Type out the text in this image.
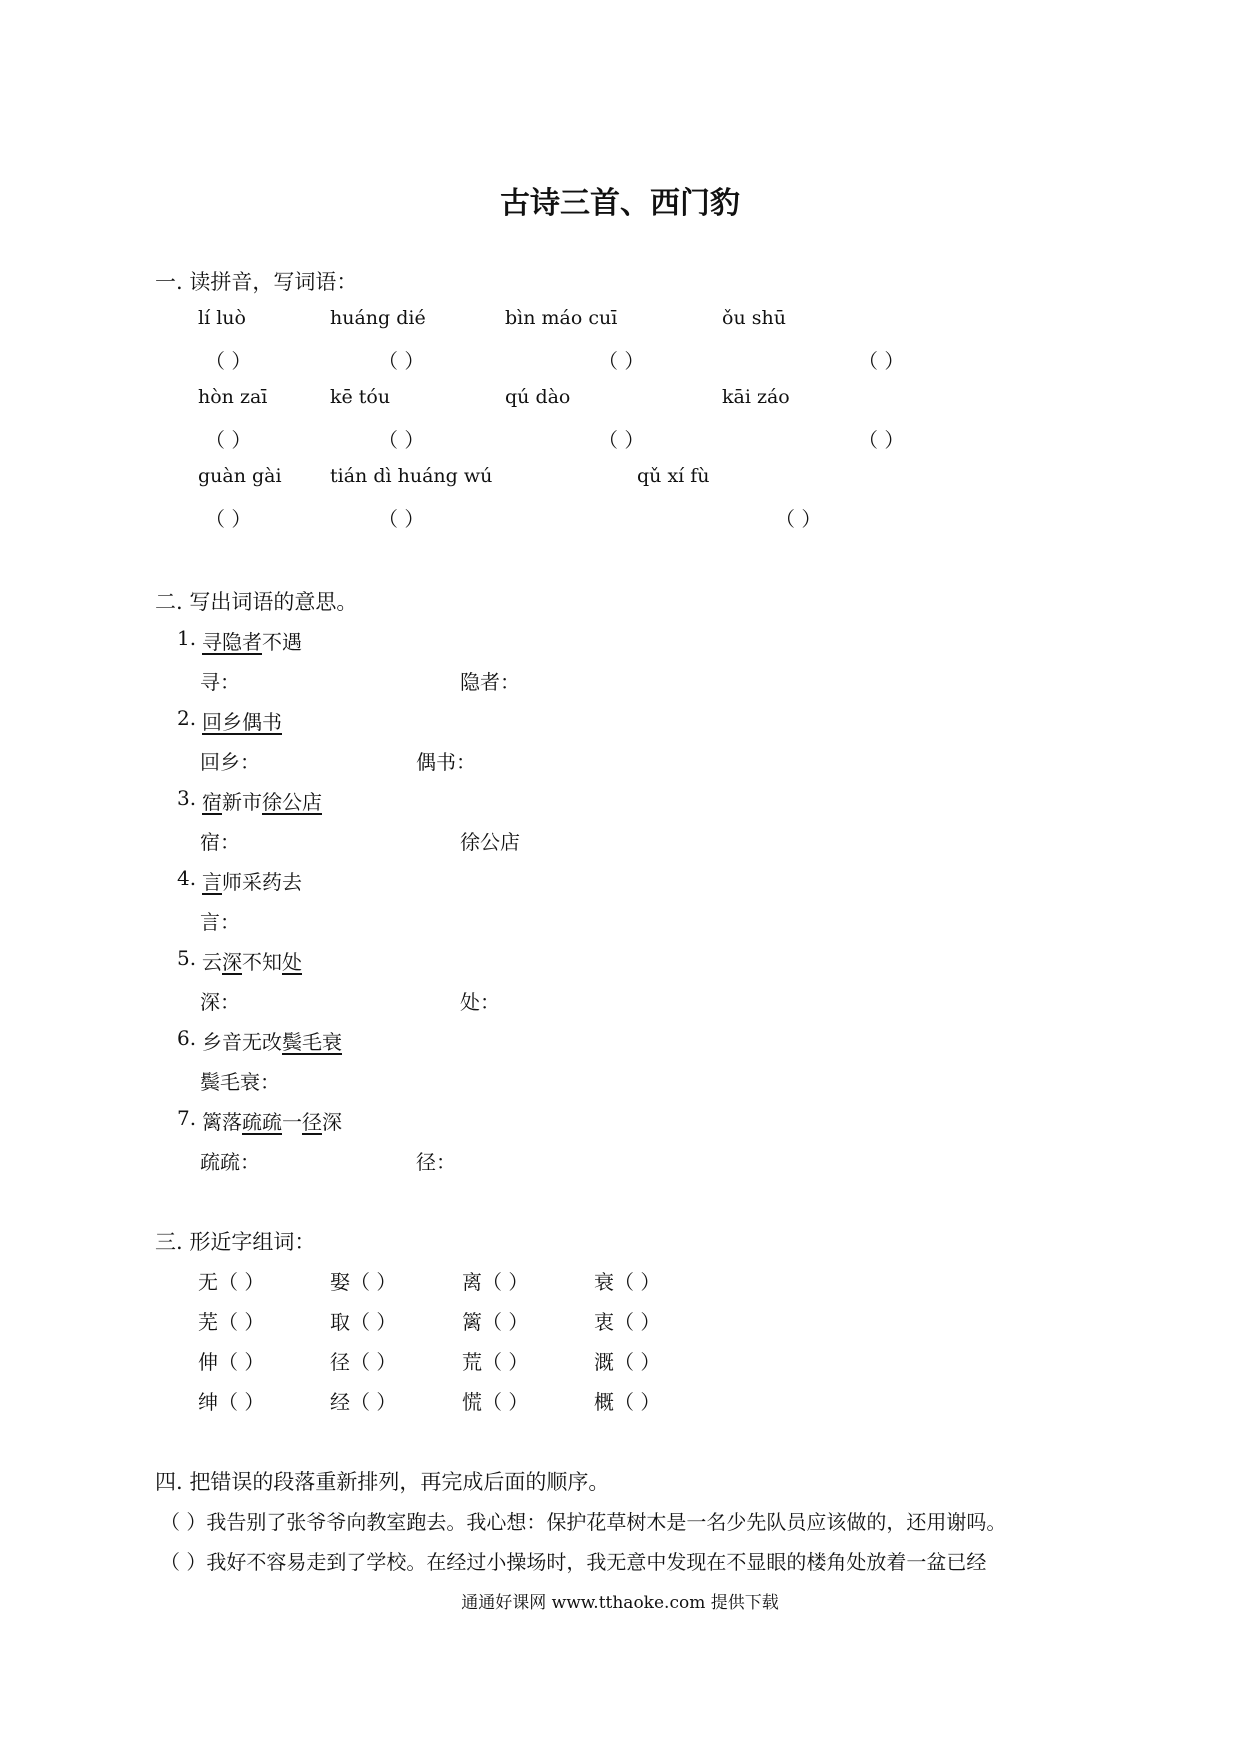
古诗三首、西门豹
一. 读拼音，写词语：
lí luò	huáng dié	bìn máo cuī	ǒu shū
（ ）	（ ）	（ ）	（ ）
hòn zaī	kē tóu	qú dào	kāi záo
（ ）	（ ）	（ ）	（ ）
guàn gài	tián dì huáng wú	qǔ xí fù
（ ）	（ ）	（ ）
二. 写出词语的意思。
1. 寻隐者不遇
寻：	隐者：
2. 回乡偶书
回乡：	偶书：
3. 宿新市徐公店
宿：	徐公店
4. 言师采药去
言：
5. 云深不知处
深：	处：
6. 乡音无改鬓毛衰
鬓毛衰：
7. 篱落疏疏一径深
疏疏：	径：
三. 形近字组词：
无（ ）	娶（ ）	离（ ）	衰（ ）
芜（ ）	取（ ）	篱（ ）	衷（ ）
伸（ ）	径（ ）	荒（ ）	溉（ ）
绅（ ）	经（ ）	慌（ ）	概（ ）
四. 把错误的段落重新排列，再完成后面的顺序。
（ ）我告别了张爷爷向教室跑去。我心想：保护花草树木是一名少先队员应该做的，还用谢吗。
（ ）我好不容易走到了学校。在经过小操场时，我无意中发现在不显眼的楼角处放着一盆已经
通通好课网 www.tthaoke.com 提供下载
